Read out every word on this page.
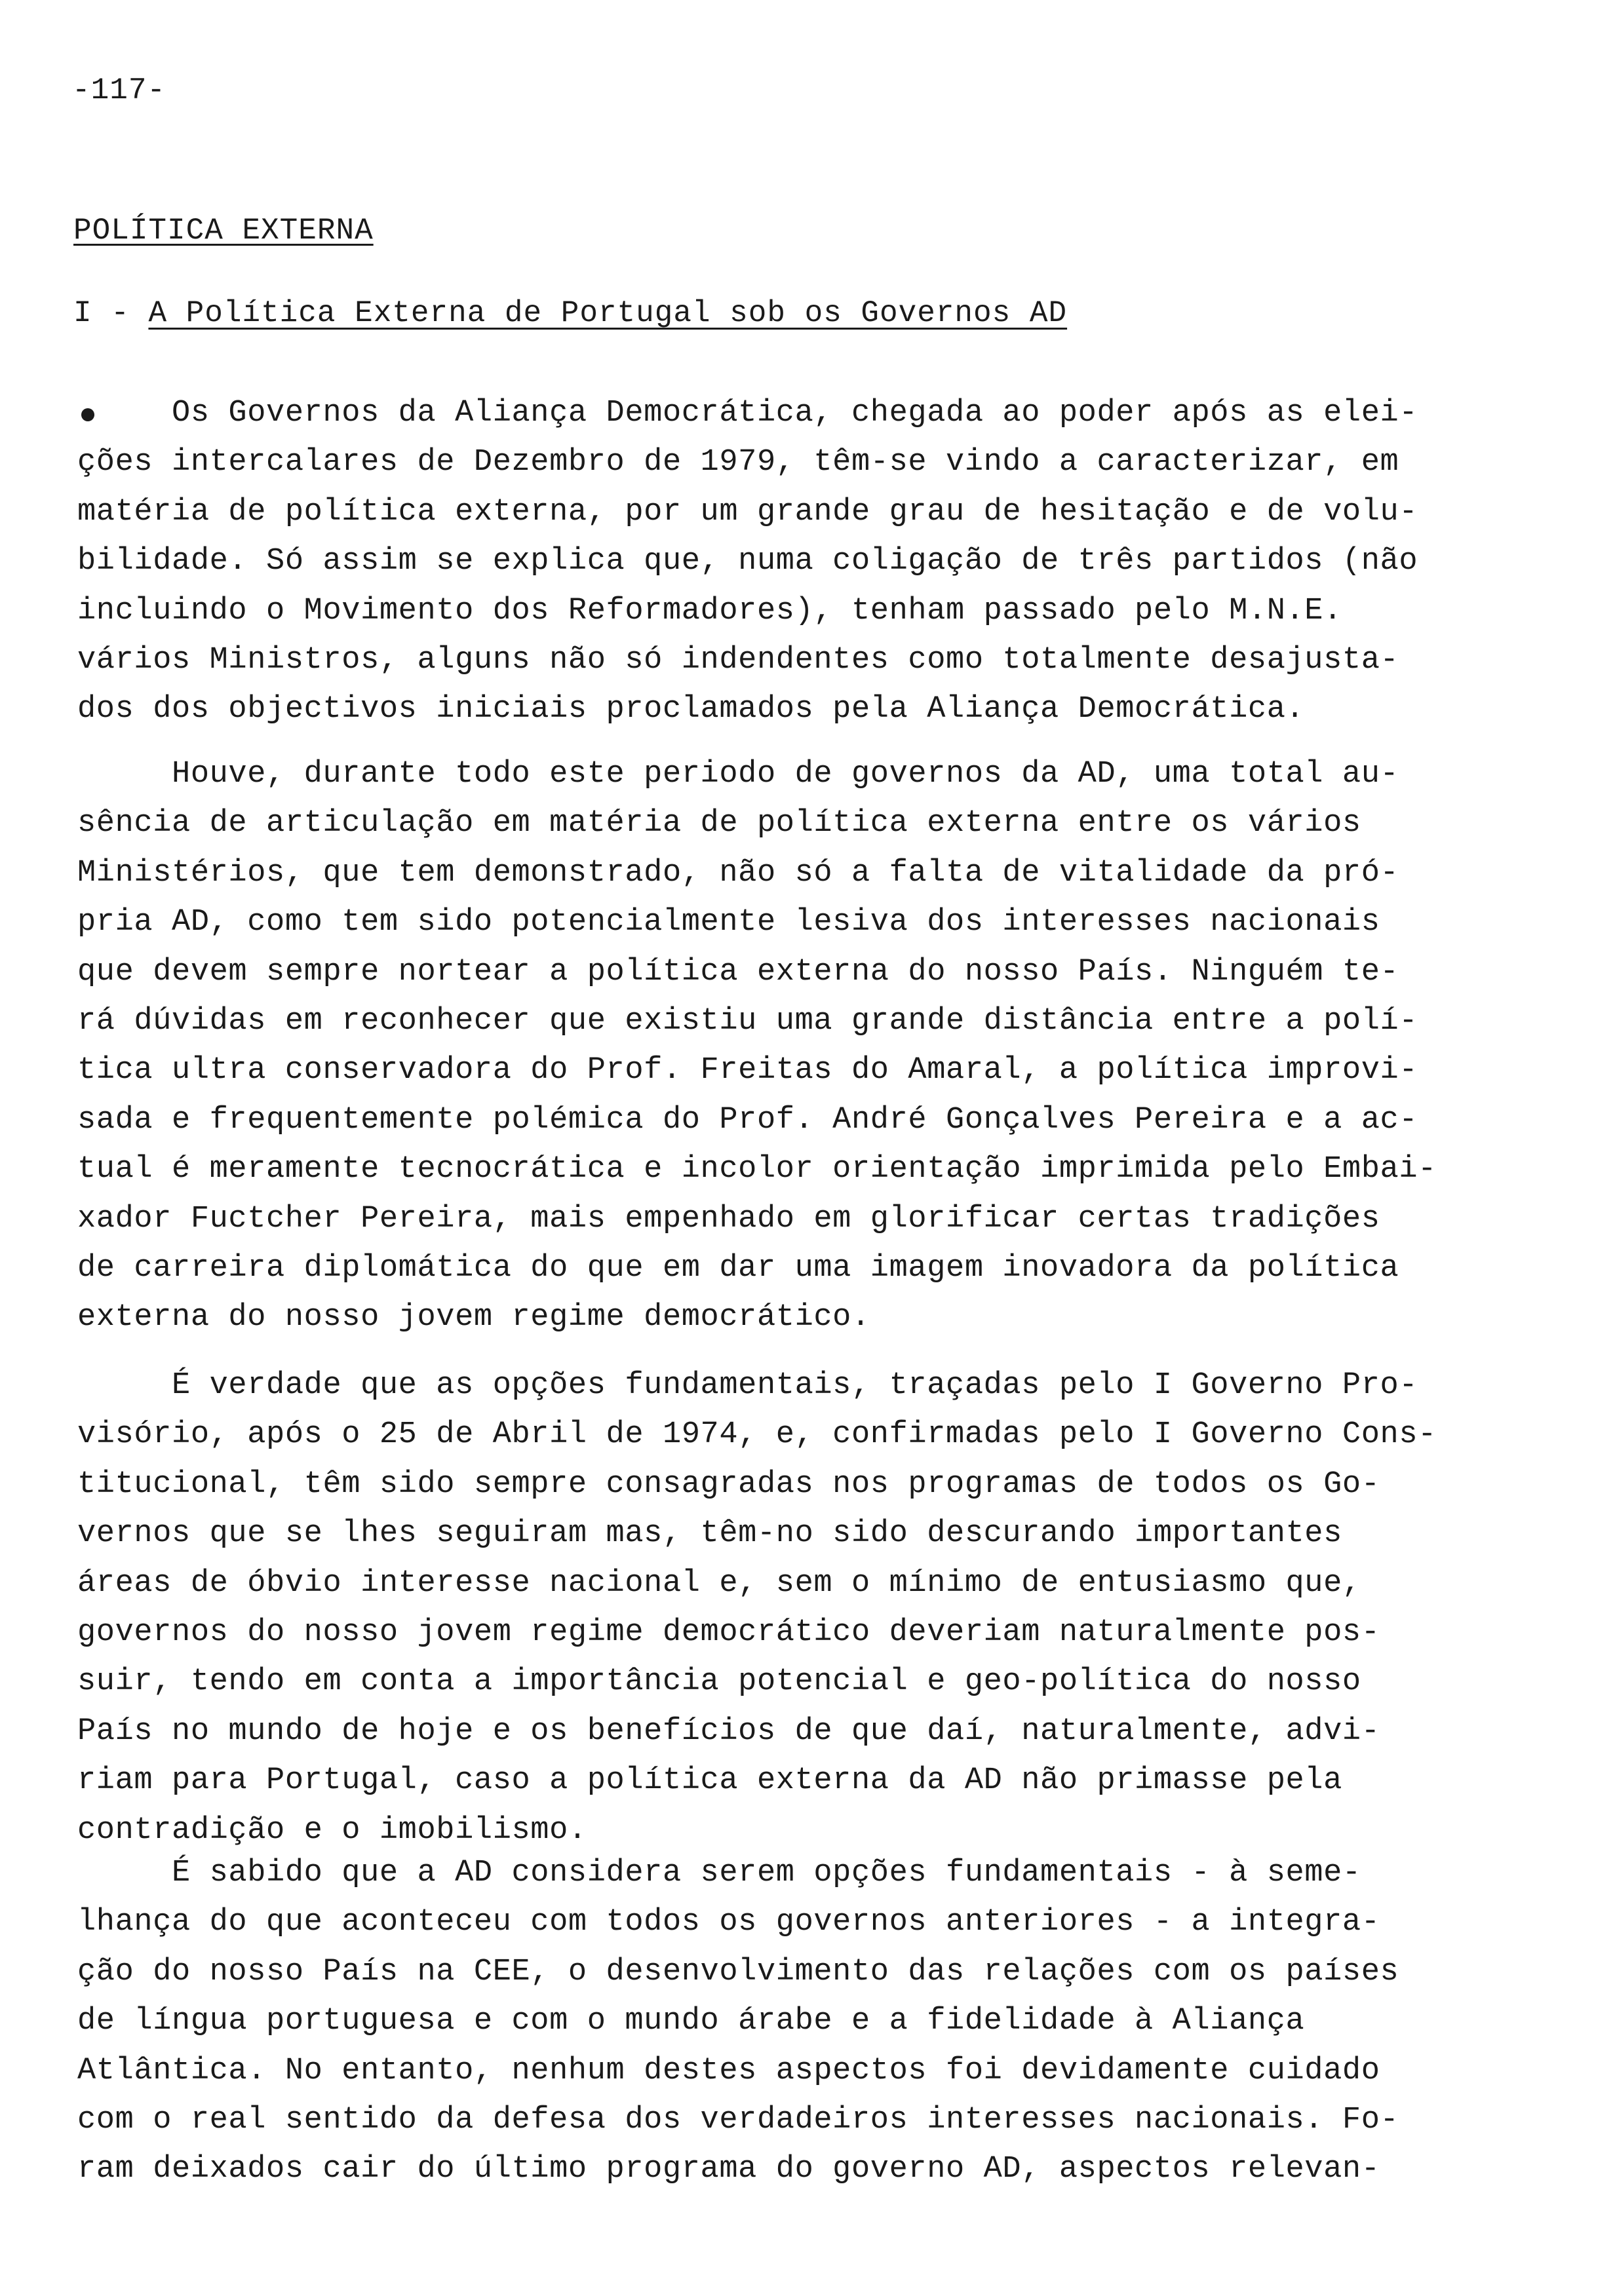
-117-
POLÍTICA EXTERNA
I - A Política Externa de Portugal sob os Governos AD
Os Governos da Aliança Democrática, chegada ao poder após as elei-
ções intercalares de Dezembro de 1979, têm-se vindo a caracterizar, em
matéria de política externa, por um grande grau de hesitação e de volu-
bilidade. Só assim se explica que, numa coligação de três partidos (não
incluindo o Movimento dos Reformadores), tenham passado pelo M.N.E.
vários Ministros, alguns não só indendentes como totalmente desajusta-
dos dos objectivos iniciais proclamados pela Aliança Democrática.
Houve, durante todo este periodo de governos da AD, uma total au-
sência de articulação em matéria de política externa entre os vários
Ministérios, que tem demonstrado, não só a falta de vitalidade da pró-
pria AD, como tem sido potencialmente lesiva dos interesses nacionais
que devem sempre nortear a política externa do nosso País. Ninguém te-
rá dúvidas em reconhecer que existiu uma grande distância entre a polí-
tica ultra conservadora do Prof. Freitas do Amaral, a política improvi-
sada e frequentemente polémica do Prof. André Gonçalves Pereira e a ac-
tual é meramente tecnocrática e incolor orientação imprimida pelo Embai-
xador Fuctcher Pereira, mais empenhado em glorificar certas tradições
de carreira diplomática do que em dar uma imagem inovadora da política
externa do nosso jovem regime democrático.
É verdade que as opções fundamentais, traçadas pelo I Governo Pro-
visório, após o 25 de Abril de 1974, e, confirmadas pelo I Governo Cons-
titucional, têm sido sempre consagradas nos programas de todos os Go-
vernos que se lhes seguiram mas, têm-no sido descurando importantes
áreas de óbvio interesse nacional e, sem o mínimo de entusiasmo que,
governos do nosso jovem regime democrático deveriam naturalmente pos-
suir, tendo em conta a importância potencial e geo-política do nosso
País no mundo de hoje e os benefícios de que daí, naturalmente, advi-
riam para Portugal, caso a política externa da AD não primasse pela
contradição e o imobilismo.
É sabido que a AD considera serem opções fundamentais - à seme-
lhança do que aconteceu com todos os governos anteriores - a integra-
ção do nosso País na CEE, o desenvolvimento das relações com os países
de língua portuguesa e com o mundo árabe e a fidelidade à Aliança
Atlântica. No entanto, nenhum destes aspectos foi devidamente cuidado
com o real sentido da defesa dos verdadeiros interesses nacionais. Fo-
ram deixados cair do último programa do governo AD, aspectos relevan-
